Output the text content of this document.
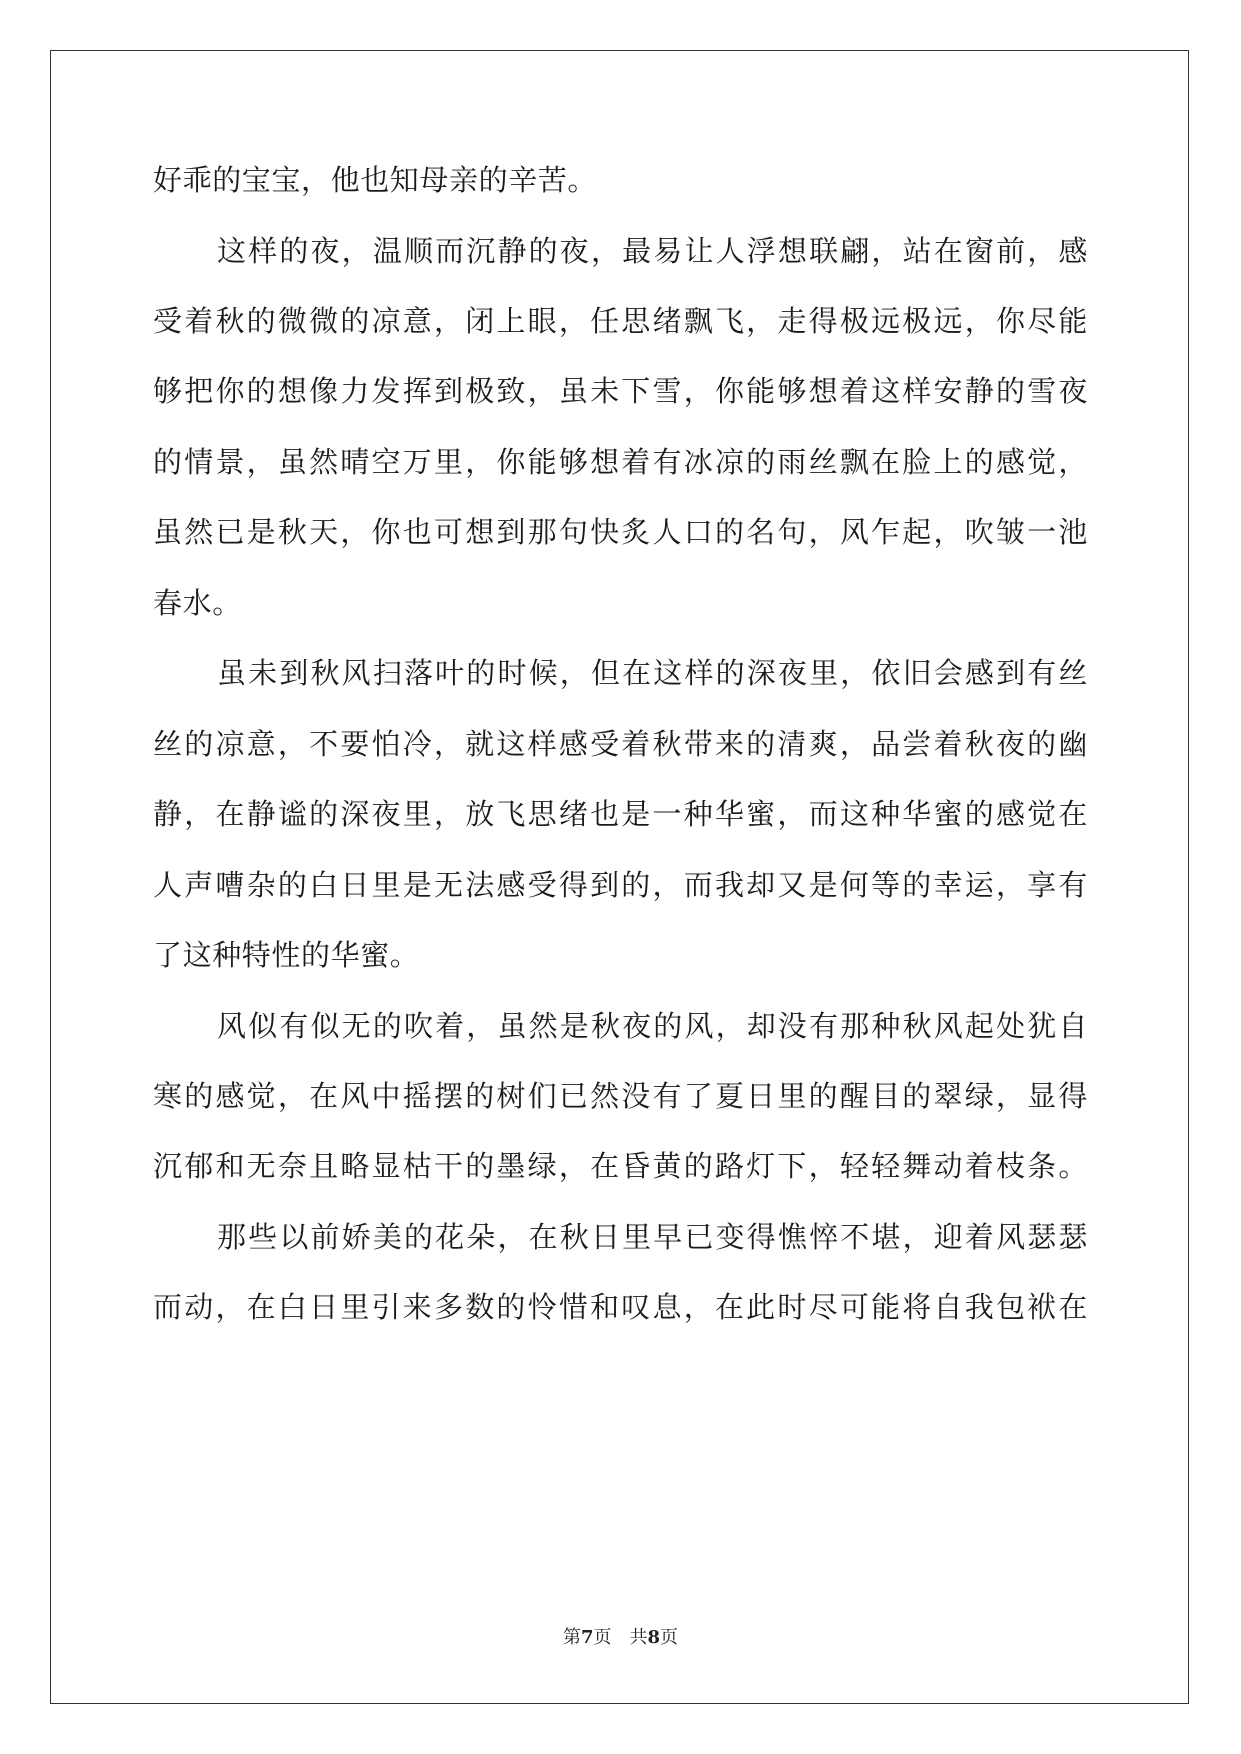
好乖的宝宝，他也知母亲的辛苦。
这样的夜，温顺而沉静的夜，最易让人浮想联翩，站在窗前，感
受着秋的微微的凉意，闭上眼，任思绪飘飞，走得极远极远，你尽能
够把你的想像力发挥到极致，虽未下雪，你能够想着这样安静的雪夜
的情景，虽然晴空万里，你能够想着有冰凉的雨丝飘在脸上的感觉，
虽然已是秋天，你也可想到那句快炙人口的名句，风乍起，吹皱一池
春水。
虽未到秋风扫落叶的时候，但在这样的深夜里，依旧会感到有丝
丝的凉意，不要怕冷，就这样感受着秋带来的清爽，品尝着秋夜的幽
静，在静谧的深夜里，放飞思绪也是一种华蜜，而这种华蜜的感觉在
人声嘈杂的白日里是无法感受得到的，而我却又是何等的幸运，享有
了这种特性的华蜜。
风似有似无的吹着，虽然是秋夜的风，却没有那种秋风起处犹自
寒的感觉，在风中摇摆的树们已然没有了夏日里的醒目的翠绿，显得
沉郁和无奈且略显枯干的墨绿，在昏黄的路灯下，轻轻舞动着枝条。
那些以前娇美的花朵，在秋日里早已变得憔悴不堪，迎着风瑟瑟
而动，在白日里引来多数的怜惜和叹息，在此时尽可能将自我包袱在
第7页 共8页
